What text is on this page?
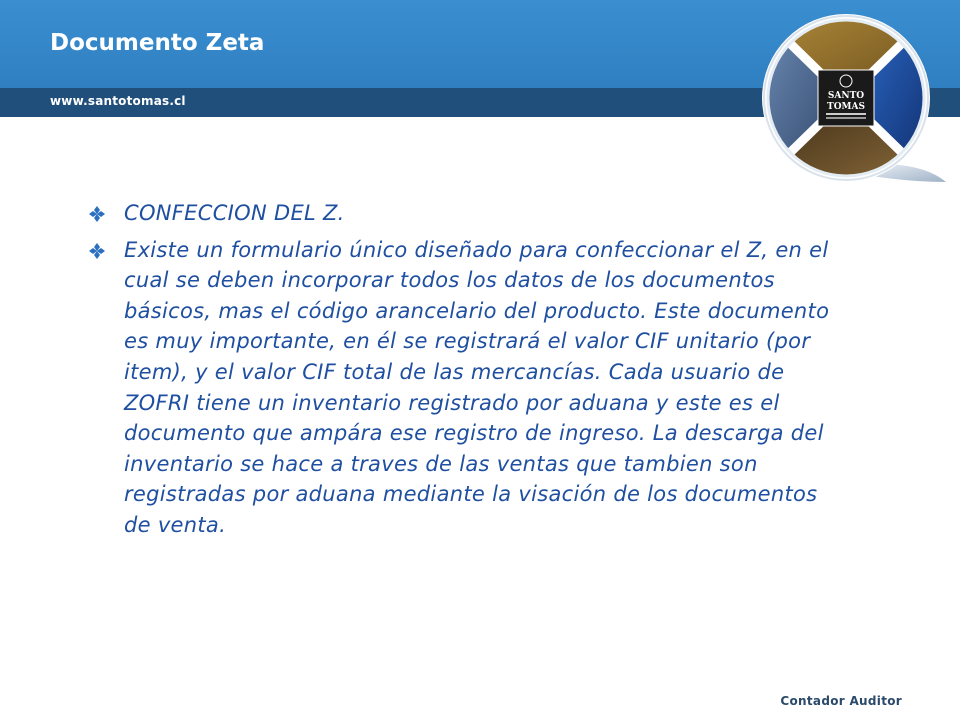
Documento Zeta
www.santotomas.cl	SANTO
TOMAS
CONFECCION DEL Z.
Existe un formulario único diseñado para confeccionar el Z, en el cual se deben incorporar todos los datos de los documentos básicos, mas el código arancelario del producto. Este documento es muy importante, en él se registrará el valor CIF unitario (por item), y el valor CIF total de las mercancías. Cada usuario de ZOFRI tiene un inventario registrado por aduana y este es el documento que ampára ese registro de ingreso. La descarga del inventario se hace a traves de las ventas que tambien son registradas por aduana mediante la visación de los documentos de venta.
Contador Auditor
